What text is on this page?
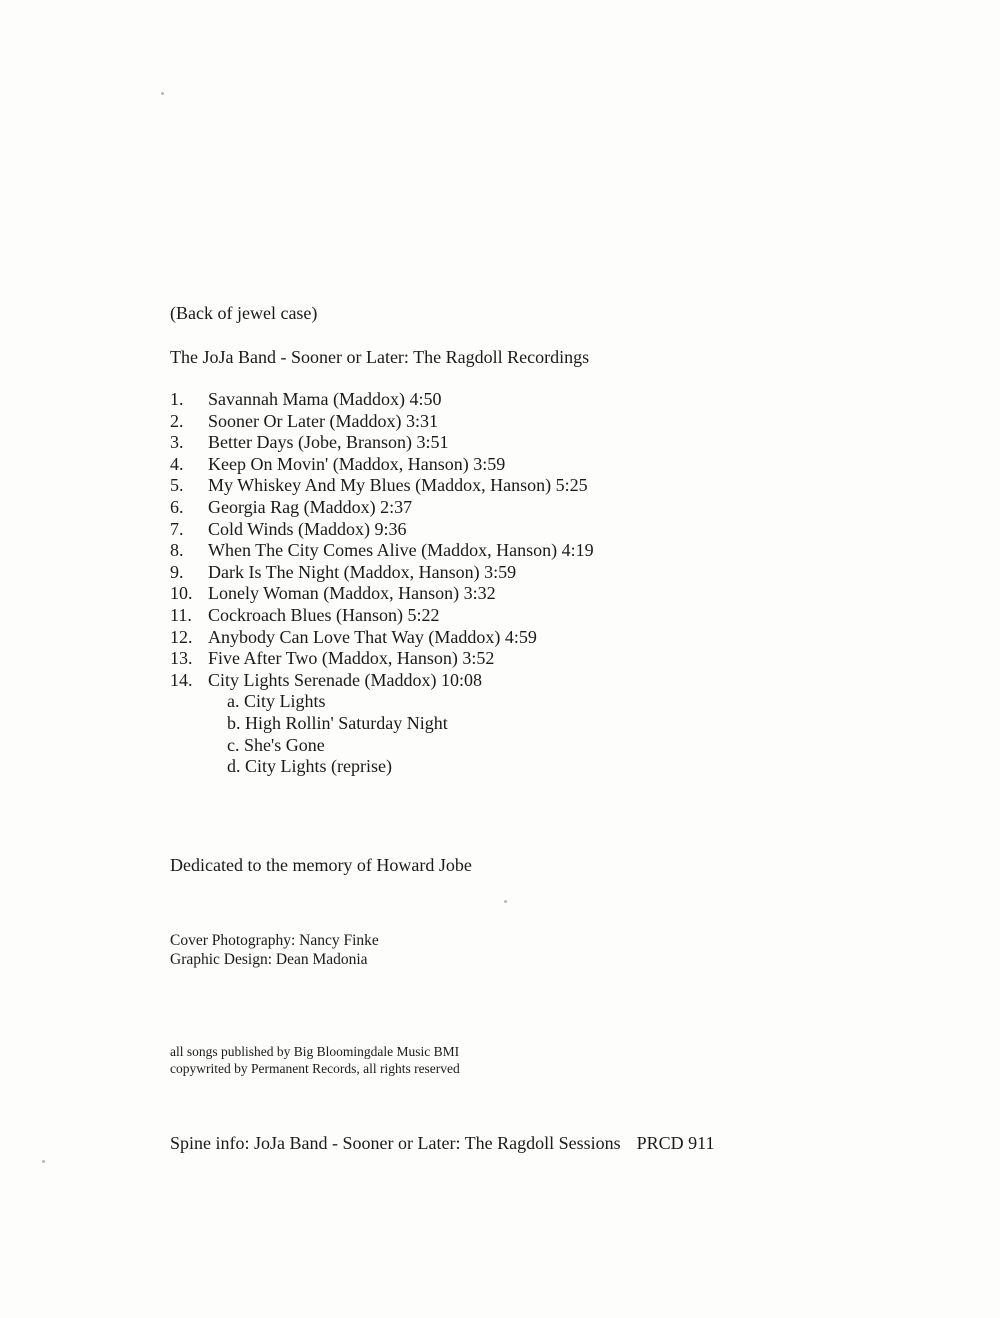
(Back of jewel case)
The JoJa Band - Sooner or Later: The Ragdoll Recordings
1. Savannah Mama (Maddox) 4:50
2. Sooner Or Later (Maddox) 3:31
3. Better Days (Jobe, Branson) 3:51
4. Keep On Movin' (Maddox, Hanson) 3:59
5. My Whiskey And My Blues (Maddox, Hanson) 5:25
6. Georgia Rag (Maddox) 2:37
7. Cold Winds (Maddox) 9:36
8. When The City Comes Alive (Maddox, Hanson) 4:19
9. Dark Is The Night (Maddox, Hanson) 3:59
10. Lonely Woman (Maddox, Hanson) 3:32
11. Cockroach Blues (Hanson) 5:22
12. Anybody Can Love That Way (Maddox) 4:59
13. Five After Two (Maddox, Hanson) 3:52
14. City Lights Serenade (Maddox) 10:08
a. City Lights
b. High Rollin' Saturday Night
c. She's Gone
d. City Lights (reprise)
Dedicated to the memory of Howard Jobe
Cover Photography: Nancy Finke
Graphic Design: Dean Madonia
all songs published by Big Bloomingdale Music BMI
copywrited by Permanent Records, all rights reserved
Spine info: JoJa Band - Sooner or Later: The Ragdoll Sessions PRCD 911
